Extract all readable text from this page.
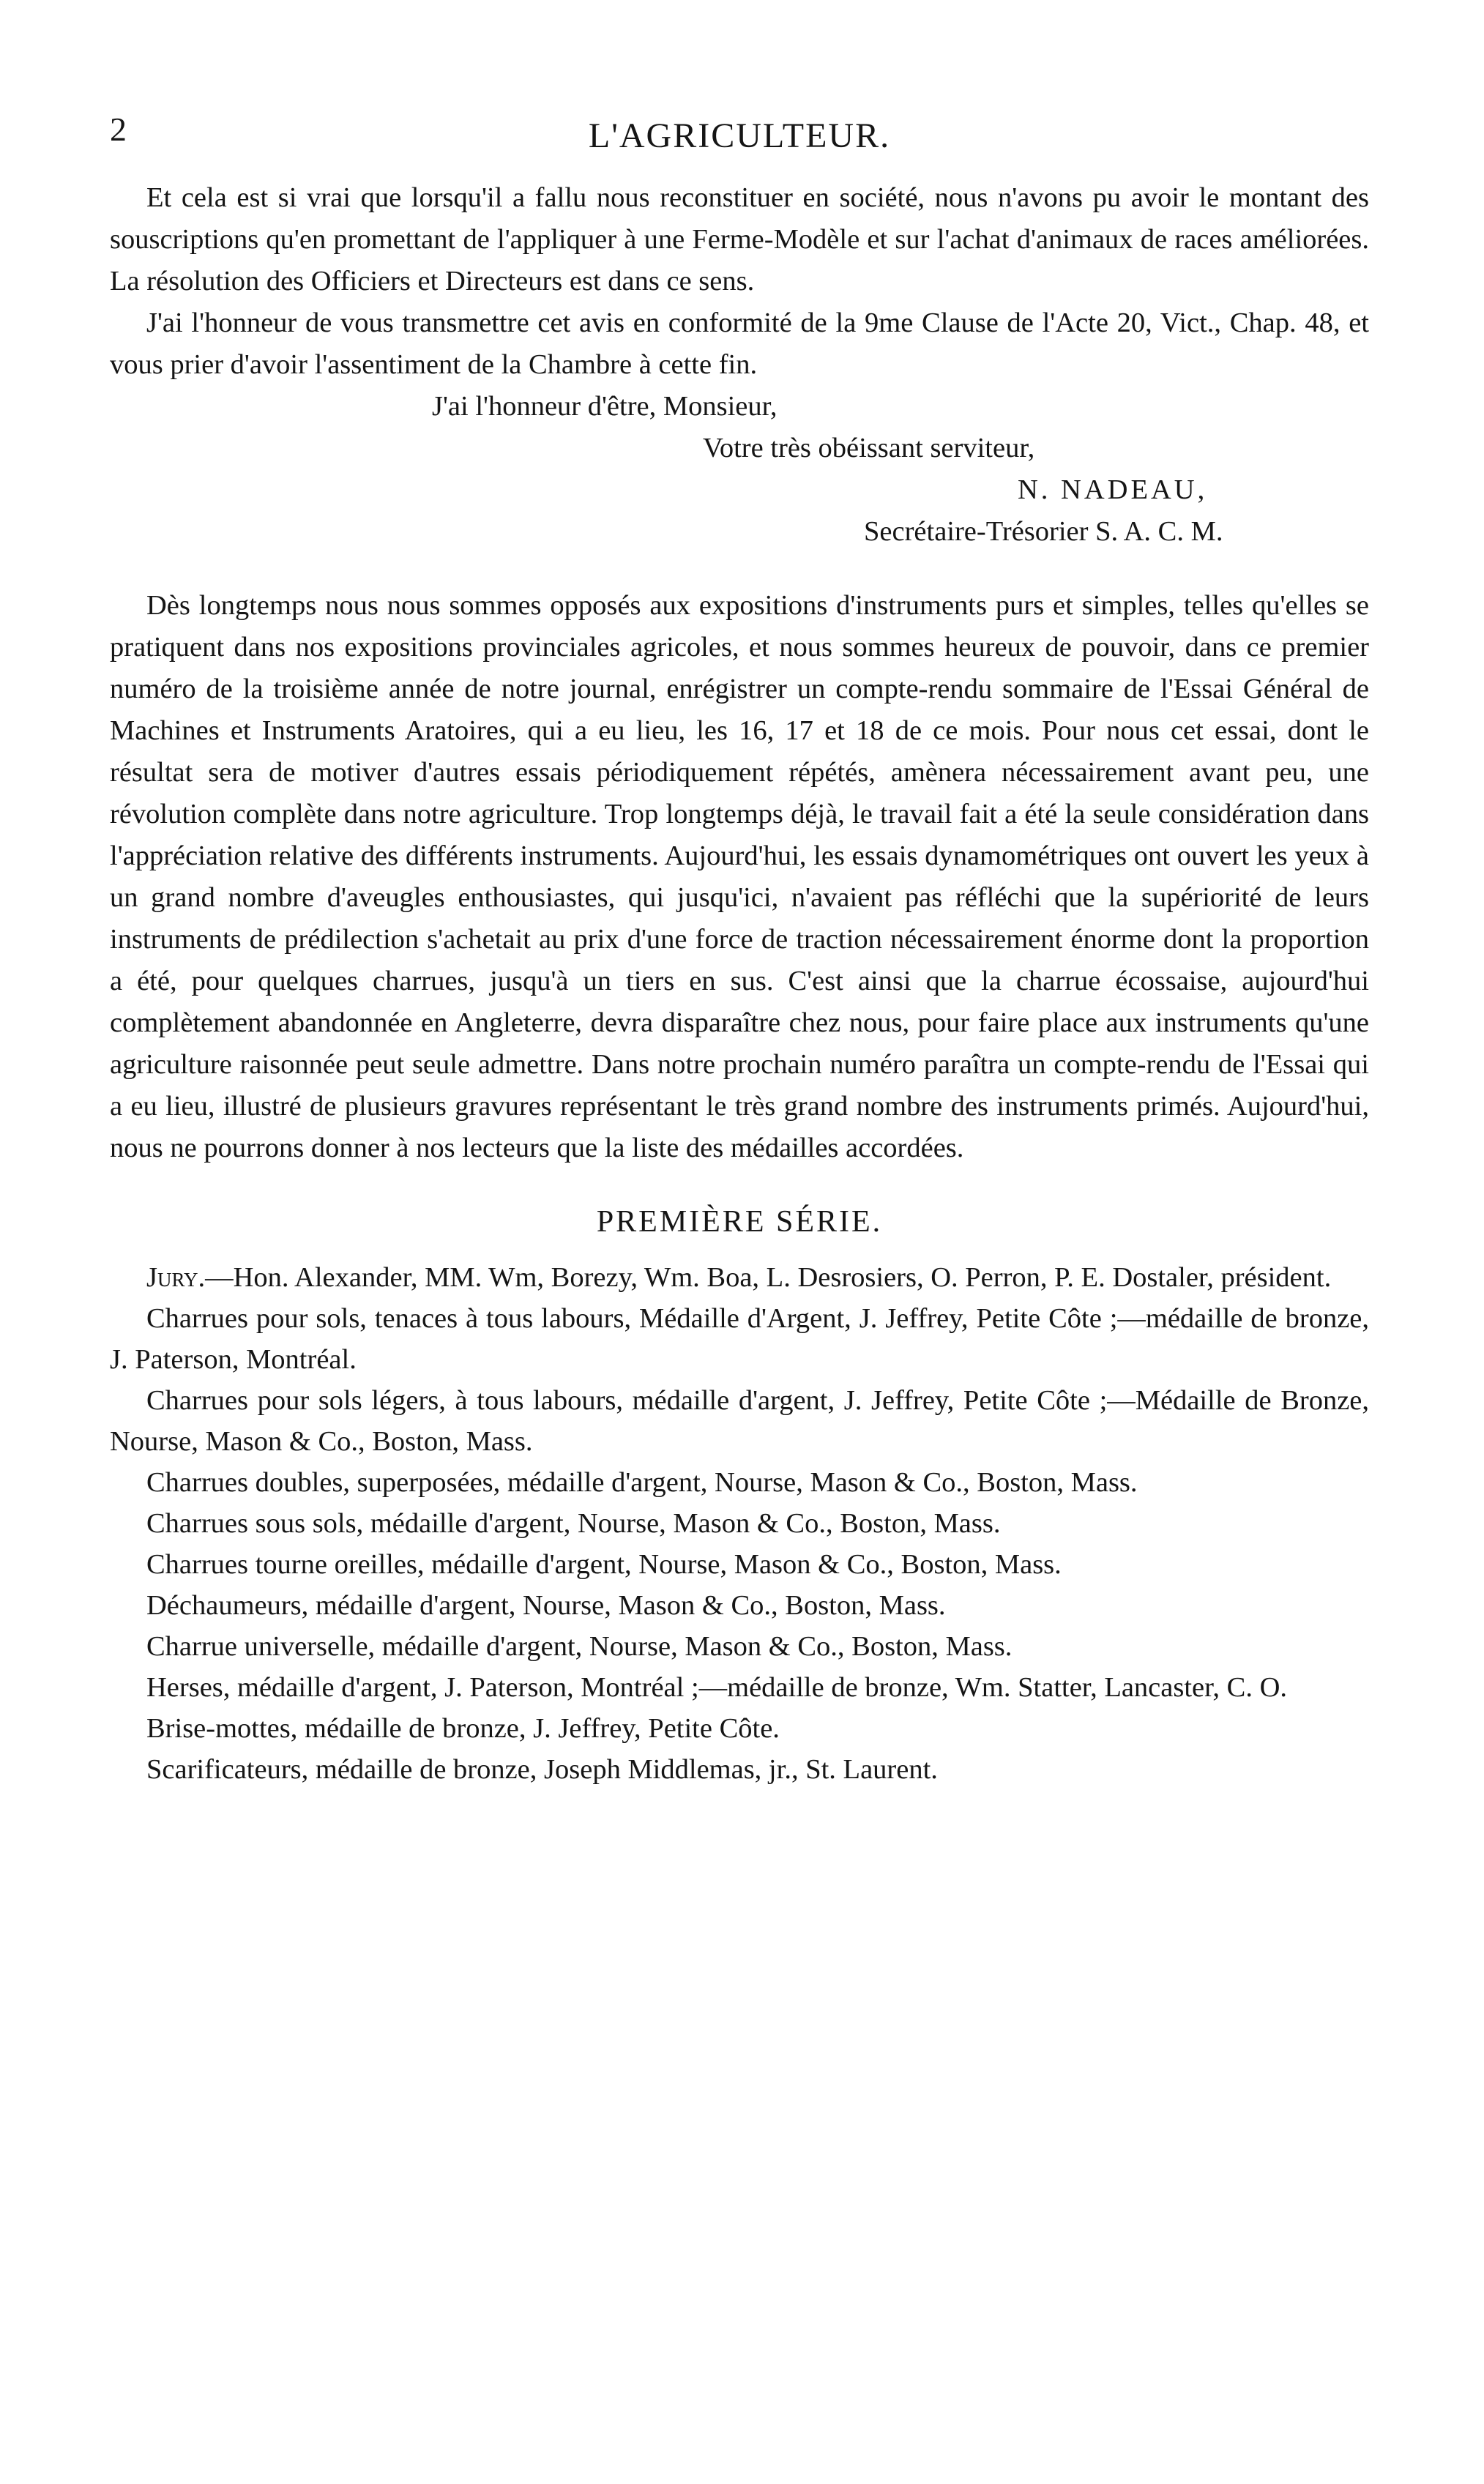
2	L'AGRICULTEUR.

Et cela est si vrai que lorsqu'il a fallu nous reconstituer en société, nous n'avons pu avoir le montant des souscriptions qu'en promettant de l'appliquer à une Ferme-Modèle et sur l'achat d'animaux de races améliorées. La résolution des Officiers et Directeurs est dans ce sens.

J'ai l'honneur de vous transmettre cet avis en conformité de la 9me Clause de l'Acte 20, Vict., Chap. 48, et vous prier d'avoir l'assentiment de la Chambre à cette fin.

J'ai l'honneur d'être, Monsieur,

Votre très obéissant serviteur,

N. NADEAU,

Secrétaire-Trésorier S. A. C. M.

Dès longtemps nous nous sommes opposés aux expositions d'instruments purs et simples, telles qu'elles se pratiquent dans nos expositions provinciales agricoles, et nous sommes heureux de pouvoir, dans ce premier numéro de la troisième année de notre journal, enrégistrer un compte-rendu sommaire de l'Essai Général de Machines et Instruments Aratoires, qui a eu lieu, les 16, 17 et 18 de ce mois. Pour nous cet essai, dont le résultat sera de motiver d'autres essais périodiquement répétés, amènera nécessairement avant peu, une révolution complète dans notre agriculture. Trop longtemps déjà, le travail fait a été la seule considération dans l'appréciation relative des différents instruments. Aujourd'hui, les essais dynamométriques ont ouvert les yeux à un grand nombre d'aveugles enthousiastes, qui jusqu'ici, n'avaient pas réfléchi que la supériorité de leurs instruments de prédilection s'achetait au prix d'une force de traction nécessairement énorme dont la proportion a été, pour quelques charrues, jusqu'à un tiers en sus. C'est ainsi que la charrue écossaise, aujourd'hui complètement abandonnée en Angleterre, devra disparaître chez nous, pour faire place aux instruments qu'une agriculture raisonnée peut seule admettre. Dans notre prochain numéro paraîtra un compte-rendu de l'Essai qui a eu lieu, illustré de plusieurs gravures représentant le très grand nombre des instruments primés. Aujourd'hui, nous ne pourrons donner à nos lecteurs que la liste des médailles accordées.

PREMIÈRE SÉRIE.

Jury.—Hon. Alexander, MM. Wm, Borezy, Wm. Boa, L. Desrosiers, O. Perron, P. E. Dostaler, président.

Charrues pour sols, tenaces à tous labours, Médaille d'Argent, J. Jeffrey, Petite Côte ;—médaille de bronze, J. Paterson, Montréal.

Charrues pour sols légers, à tous labours, médaille d'argent, J. Jeffrey, Petite Côte ;—Médaille de Bronze, Nourse, Mason & Co., Boston, Mass.

Charrues doubles, superposées, médaille d'argent, Nourse, Mason & Co., Boston, Mass.

Charrues sous sols, médaille d'argent, Nourse, Mason & Co., Boston, Mass.

Charrues tourne oreilles, médaille d'argent, Nourse, Mason & Co., Boston, Mass.

Déchaumeurs, médaille d'argent, Nourse, Mason & Co., Boston, Mass.

Charrue universelle, médaille d'argent, Nourse, Mason & Co., Boston, Mass.

Herses, médaille d'argent, J. Paterson, Montréal ;—médaille de bronze, Wm. Statter, Lancaster, C. O.

Brise-mottes, médaille de bronze, J. Jeffrey, Petite Côte.

Scarificateurs, médaille de bronze, Joseph Middlemas, jr., St. Laurent.
